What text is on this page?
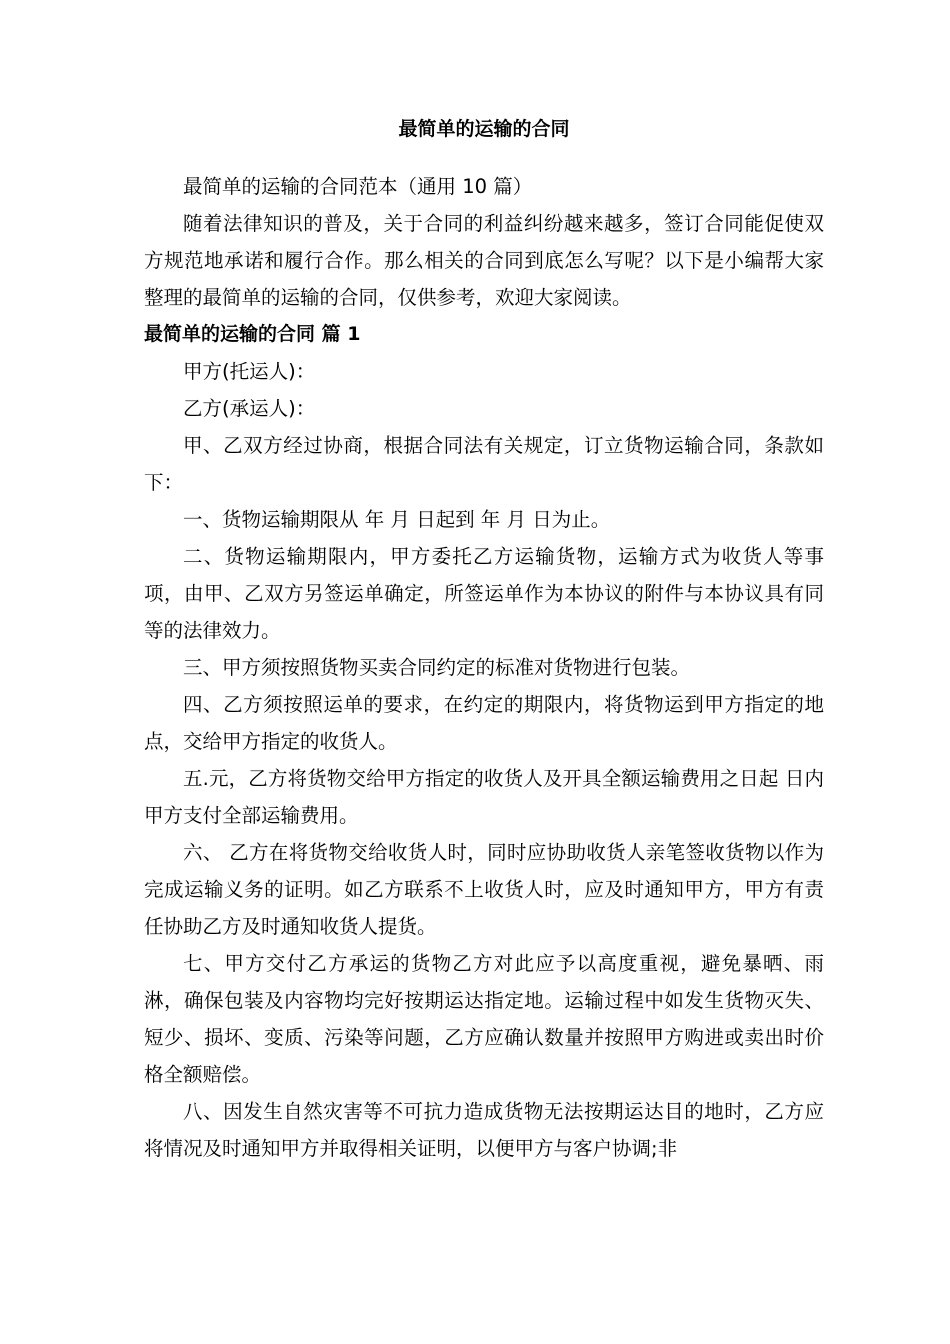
最简单的运输的合同

最简单的运输的合同范本（通用 10 篇）

随着法律知识的普及，关于合同的利益纠纷越来越多，签订合同能促使双方规范地承诺和履行合作。那么相关的合同到底怎么写呢？以下是小编帮大家整理的最简单的运输的合同，仅供参考，欢迎大家阅读。

最简单的运输的合同 篇 1

甲方(托运人)：

乙方(承运人)：

甲、乙双方经过协商，根据合同法有关规定，订立货物运输合同，条款如下：

一、货物运输期限从 年 月 日起到 年 月 日为止。

二、货物运输期限内，甲方委托乙方运输货物，运输方式为收货人等事项，由甲、乙双方另签运单确定，所签运单作为本协议的附件与本协议具有同等的法律效力。

三、甲方须按照货物买卖合同约定的标准对货物进行包装。

四、乙方须按照运单的要求，在约定的期限内，将货物运到甲方指定的地点，交给甲方指定的收货人。

五.元，乙方将货物交给甲方指定的收货人及开具全额运输费用之日起 日内甲方支付全部运输费用。

六、 乙方在将货物交给收货人时，同时应协助收货人亲笔签收货物以作为完成运输义务的证明。如乙方联系不上收货人时，应及时通知甲方，甲方有责任协助乙方及时通知收货人提货。

七、甲方交付乙方承运的货物乙方对此应予以高度重视，避免暴晒、雨淋，确保包装及内容物均完好按期运达指定地。运输过程中如发生货物灭失、短少、损坏、变质、污染等问题，乙方应确认数量并按照甲方购进或卖出时价格全额赔偿。

八、因发生自然灾害等不可抗力造成货物无法按期运达目的地时，乙方应将情况及时通知甲方并取得相关证明，以便甲方与客户协调;非
